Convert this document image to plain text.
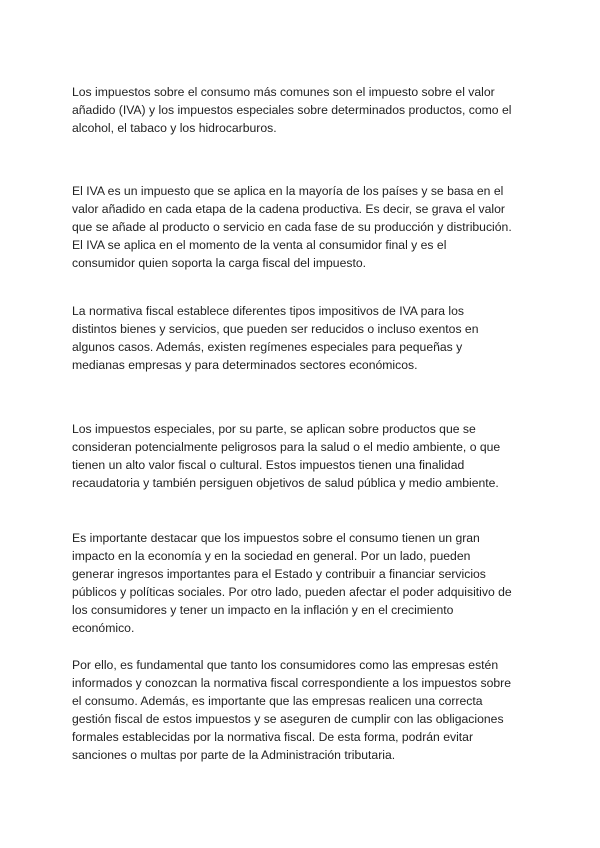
Los impuestos sobre el consumo más comunes son el impuesto sobre el valor añadido (IVA) y los impuestos especiales sobre determinados productos, como el alcohol, el tabaco y los hidrocarburos.

El IVA es un impuesto que se aplica en la mayoría de los países y se basa en el valor añadido en cada etapa de la cadena productiva. Es decir, se grava el valor que se añade al producto o servicio en cada fase de su producción y distribución. El IVA se aplica en el momento de la venta al consumidor final y es el consumidor quien soporta la carga fiscal del impuesto.

La normativa fiscal establece diferentes tipos impositivos de IVA para los distintos bienes y servicios, que pueden ser reducidos o incluso exentos en algunos casos. Además, existen regímenes especiales para pequeñas y medianas empresas y para determinados sectores económicos.

Los impuestos especiales, por su parte, se aplican sobre productos que se consideran potencialmente peligrosos para la salud o el medio ambiente, o que tienen un alto valor fiscal o cultural. Estos impuestos tienen una finalidad recaudatoria y también persiguen objetivos de salud pública y medio ambiente.

Es importante destacar que los impuestos sobre el consumo tienen un gran impacto en la economía y en la sociedad en general. Por un lado, pueden generar ingresos importantes para el Estado y contribuir a financiar servicios públicos y políticas sociales. Por otro lado, pueden afectar el poder adquisitivo de los consumidores y tener un impacto en la inflación y en el crecimiento económico.

Por ello, es fundamental que tanto los consumidores como las empresas estén informados y conozcan la normativa fiscal correspondiente a los impuestos sobre el consumo. Además, es importante que las empresas realicen una correcta gestión fiscal de estos impuestos y se aseguren de cumplir con las obligaciones formales establecidas por la normativa fiscal. De esta forma, podrán evitar sanciones o multas por parte de la Administración tributaria.
